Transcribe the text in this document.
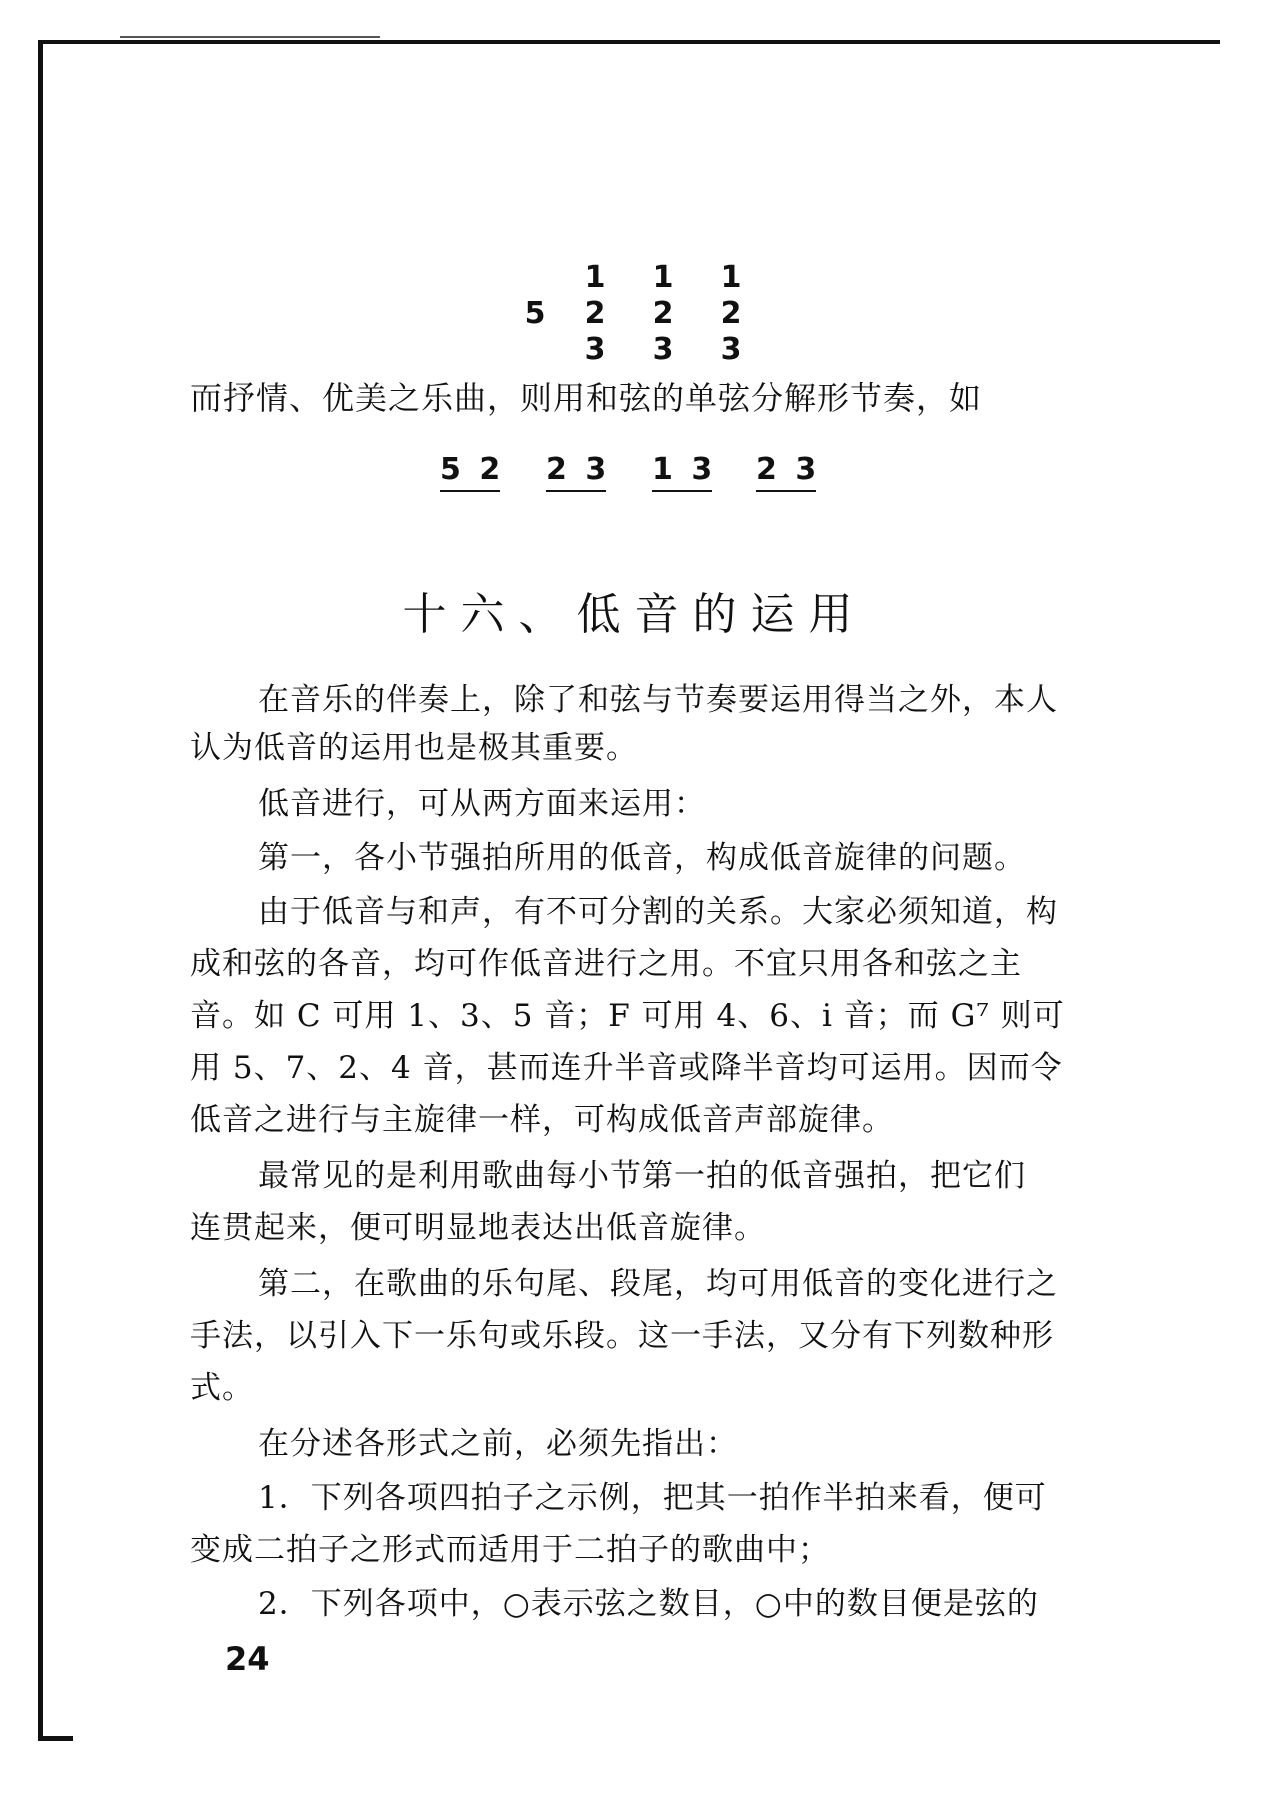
5
1
2
3
1
2
3
1
2
3
而抒情、优美之乐曲，则用和弦的单弦分解形节奏，如
5 2 2 3 1 3 2 3
十六、低音的运用
在音乐的伴奏上，除了和弦与节奏要运用得当之外，本人
认为低音的运用也是极其重要。
低音进行，可从两方面来运用：
第一，各小节强拍所用的低音，构成低音旋律的问题。
由于低音与和声，有不可分割的关系。大家必须知道，构
成和弦的各音，均可作低音进行之用。不宜只用各和弦之主
音。如 C 可用 1、3、5 音；F 可用 4、6、i 音；而 G⁷ 则可
用 5、7、2、4 音，甚而连升半音或降半音均可运用。因而令
低音之进行与主旋律一样，可构成低音声部旋律。
最常见的是利用歌曲每小节第一拍的低音强拍，把它们
连贯起来，便可明显地表达出低音旋律。
第二，在歌曲的乐句尾、段尾，均可用低音的变化进行之
手法，以引入下一乐句或乐段。这一手法，又分有下列数种形
式。
在分述各形式之前，必须先指出：
1．下列各项四拍子之示例，把其一拍作半拍来看，便可
变成二拍子之形式而适用于二拍子的歌曲中；
2．下列各项中，○表示弦之数目，○中的数目便是弦的
24
